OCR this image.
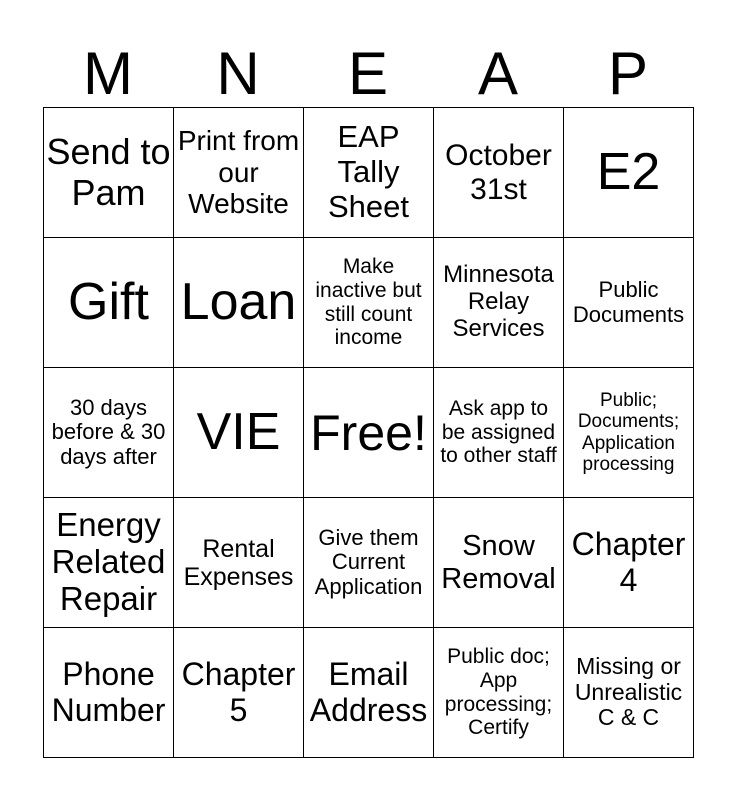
M	N	E	A	P
Send to Pam	Print from our Website	EAP Tally Sheet	October 31st	E2

Gift	Loan	Make inactive but still count income	Minnesota Relay Services	Public Documents

30 days before & 30 days after	VIE	Free!	Ask app to be assigned to other staff	Public; Documents; Application processing

Energy Related Repair	Rental Expenses	Give them Current Application	Snow Removal	Chapter 4

Phone Number	Chapter 5	Email Address	Public doc; App processing; Certify	Missing or Unrealistic C & C
